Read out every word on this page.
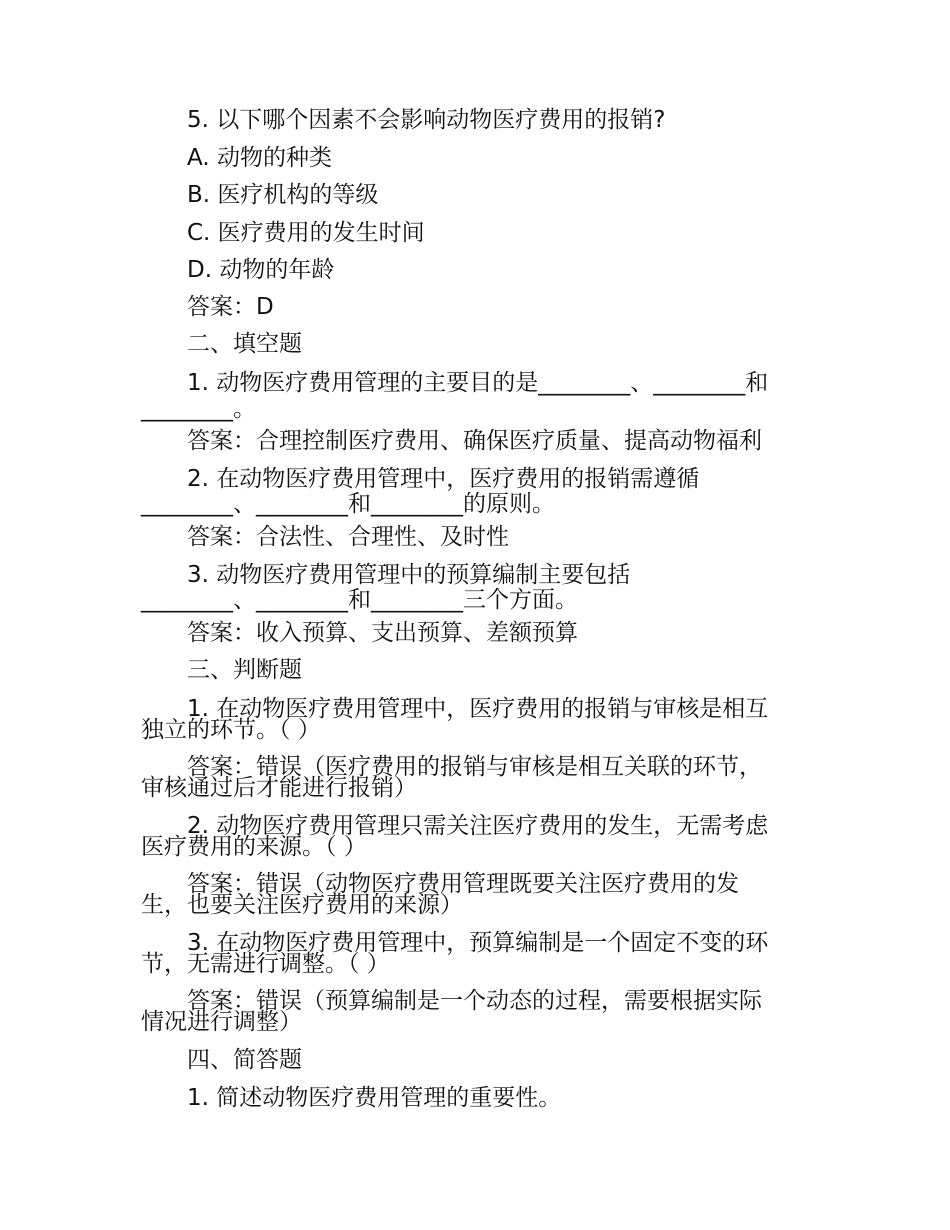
5. 以下哪个因素不会影响动物医疗费用的报销?
A. 动物的种类
B. 医疗机构的等级
C. 医疗费用的发生时间
D. 动物的年龄
答案：D
二、填空题
1. 动物医疗费用管理的主要目的是________、________和
________。
答案：合理控制医疗费用、确保医疗质量、提高动物福利
2. 在动物医疗费用管理中，医疗费用的报销需遵循
________、________和________的原则。
答案：合法性、合理性、及时性
3. 动物医疗费用管理中的预算编制主要包括
________、________和________三个方面。
答案：收入预算、支出预算、差额预算
三、判断题
1. 在动物医疗费用管理中，医疗费用的报销与审核是相互
独立的环节。（ ）
答案：错误（医疗费用的报销与审核是相互关联的环节，
审核通过后才能进行报销）
2. 动物医疗费用管理只需关注医疗费用的发生，无需考虑
医疗费用的来源。（ ）
答案：错误（动物医疗费用管理既要关注医疗费用的发
生，也要关注医疗费用的来源）
3. 在动物医疗费用管理中，预算编制是一个固定不变的环
节，无需进行调整。（ ）
答案：错误（预算编制是一个动态的过程，需要根据实际
情况进行调整）
四、简答题
1. 简述动物医疗费用管理的重要性。
